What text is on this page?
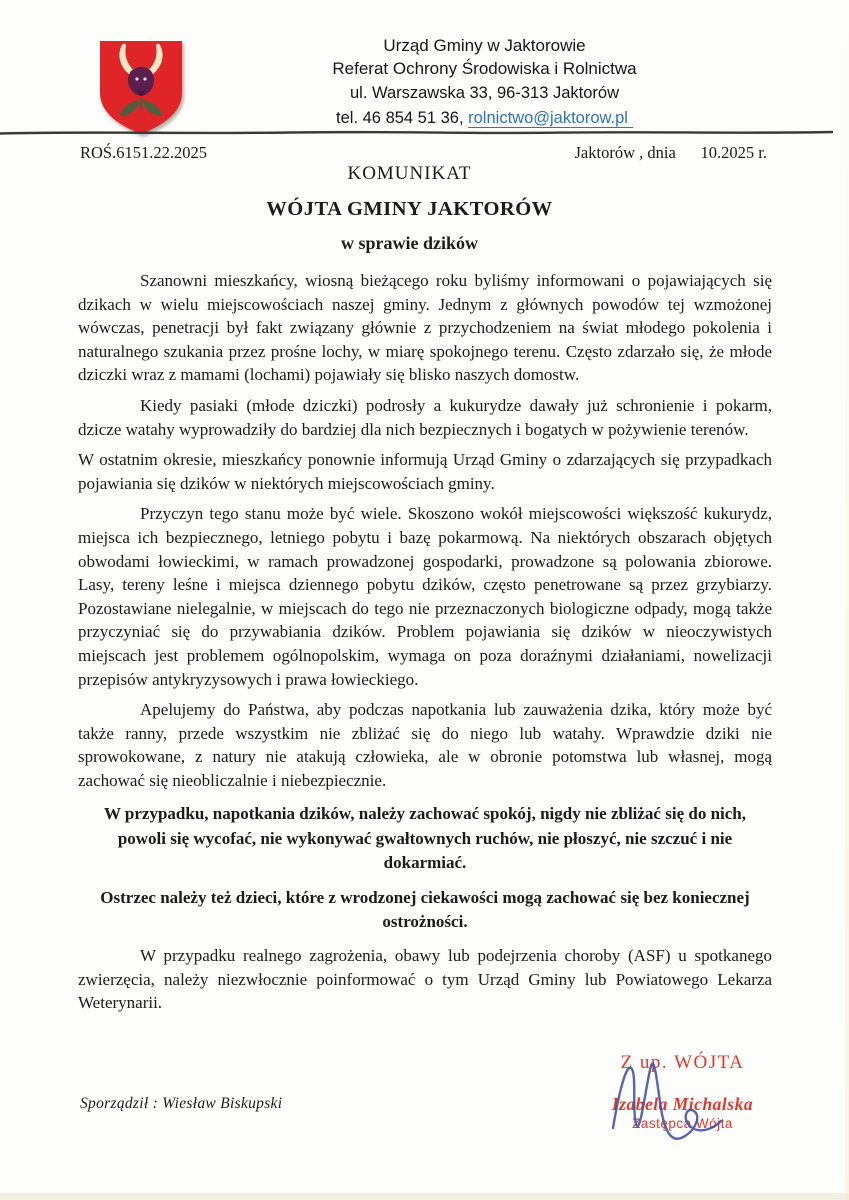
Urząd Gminy w Jaktorowie
Referat Ochrony Środowiska i Rolnictwa
ul. Warszawska 33, 96-313 Jaktorów
tel. 46 854 51 36, rolnictwo@jaktorow.pl
ROŚ.6151.22.2025	Jaktorów , dnia      10.2025 r.
KOMUNIKAT
WÓJTA GMINY JAKTORÓW
w sprawie dzików

Szanowni mieszkańcy, wiosną bieżącego roku byliśmy informowani o pojawiających się dzikach w wielu miejscowościach naszej gminy. Jednym z głównych powodów tej wzmożonej wówczas, penetracji był fakt związany głównie z przychodzeniem na świat młodego pokolenia i naturalnego szukania przez prośne lochy, w miarę spokojnego terenu. Często zdarzało się, że młode dziczki wraz z mamami (lochami) pojawiały się blisko naszych domostw.

Kiedy pasiaki (młode dziczki) podrosły a kukurydze dawały już schronienie i pokarm, dzicze watahy wyprowadziły do bardziej dla nich bezpiecznych i bogatych w pożywienie terenów.

W ostatnim okresie, mieszkańcy ponownie informują Urząd Gminy o zdarzających się przypadkach pojawiania się dzików w niektórych miejscowościach gminy.

Przyczyn tego stanu może być wiele. Skoszono wokół miejscowości większość kukurydz, miejsca ich bezpiecznego, letniego pobytu i bazę pokarmową. Na niektórych obszarach objętych obwodami łowieckimi, w ramach prowadzonej gospodarki, prowadzone są polowania zbiorowe. Lasy, tereny leśne i miejsca dziennego pobytu dzików, często penetrowane są przez grzybiarzy. Pozostawiane nielegalnie, w miejscach do tego nie przeznaczonych biologiczne odpady, mogą także przyczyniać się do przywabiania dzików. Problem pojawiania się dzików w nieoczywistych miejscach jest problemem ogólnopolskim, wymaga on poza doraźnymi działaniami, nowelizacji przepisów antykryzysowych i prawa łowieckiego.

Apelujemy do Państwa, aby podczas napotkania lub zauważenia dzika, który może być także ranny, przede wszystkim nie zbliżać się do niego lub watahy. Wprawdzie dziki nie sprowokowane, z natury nie atakują człowieka, ale w obronie potomstwa lub własnej, mogą zachować się nieobliczalnie i niebezpiecznie.

W przypadku, napotkania dzików, należy zachować spokój, nigdy nie zbliżać się do nich, powoli się wycofać, nie wykonywać gwałtownych ruchów, nie płoszyć, nie szczuć i nie dokarmiać.

Ostrzec należy też dzieci, które z wrodzonej ciekawości mogą zachować się bez koniecznej ostrożności.

W przypadku realnego zagrożenia, obawy lub podejrzenia choroby (ASF) u spotkanego zwierzęcia, należy niezwłocznie poinformować o tym Urząd Gminy lub Powiatowego Lekarza Weterynarii.

Sporządził : Wiesław Biskupski
Z up. WÓJTA
Izabela Michalska
Zastępca Wójta
